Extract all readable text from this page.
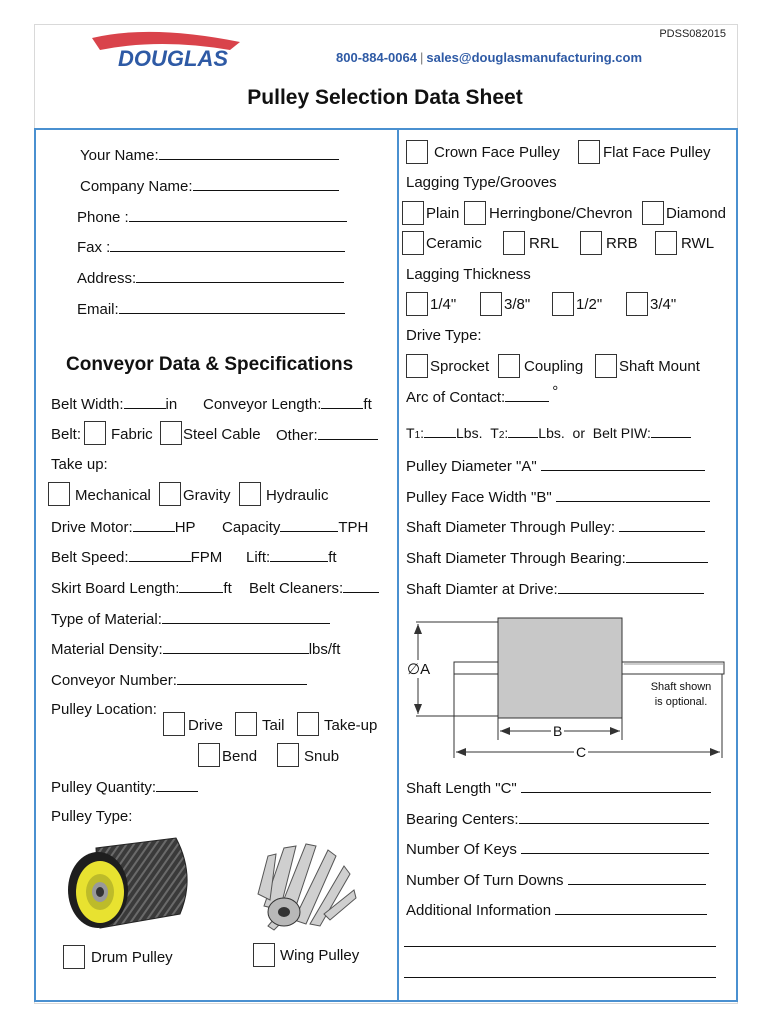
PDSS082015
DOUGLAS	800-884-0064 | sales@douglasmanufacturing.com
Pulley Selection Data Sheet
Your Name:
Company Name:
Phone :
Fax :
Address:
Email:
Conveyor Data & Specifications
Belt Width:	in Conveyor Length:	ft
Belt: Fabric Steel Cable Other:
Take up:
Mechanical Gravity Hydraulic
Drive Motor:	HP Capacity	TPH
Belt Speed:	FPM Lift:	ft
Skirt Board Length:	ft Belt Cleaners:
Type of Material:
Material Density:	lbs/ft
Conveyor Number:
Pulley Location:
Drive	Tail	Take-up
Bend	Snub
Pulley Quantity:
Pulley Type:
Drum Pulley	Wing Pulley
Crown Face Pulley	Flat Face Pulley
Lagging Type/Grooves
Plain Herringbone/Chevron Diamond
Ceramic	RRL	RRB	RWL
Lagging Thickness
1/4"	3/8"	1/2"	3/4"
Drive Type:
Sprocket Coupling Shaft Mount
Arc of Contact:	°
T1: Lbs. T2: Lbs. or Belt PIW:
Pulley Diameter "A"
Pulley Face Width "B"
Shaft Diameter Through Pulley:
Shaft Diameter Through Bearing:
Shaft Diamter at Drive:
∅A
B
C
Shaft shown
is optional.
Shaft Length "C"
Bearing Centers:
Number Of Keys
Number Of Turn Downs
Additional Information
